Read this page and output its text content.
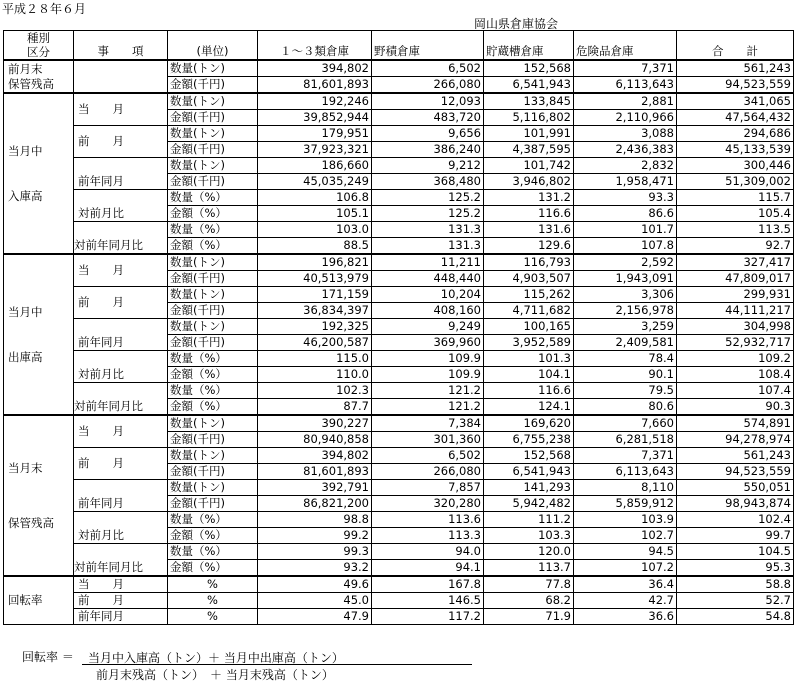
平成２８年６月
岡山県倉庫協会
種別
区分	事　　項	(単位)	１～３類倉庫	野積倉庫	貯蔵槽倉庫	危険品倉庫	合　　計

前月末
保管残高		数量(トン)	394,802	6,502	152,568	7,371	561,243
		金額(千円)	81,601,893	266,080	6,541,943	6,113,643	94,523,559

当月中
入庫高	当　　月	数量(トン)	192,246	12,093	133,845	2,881	341,065
		金額(千円)	39,852,944	483,720	5,116,802	2,110,966	47,564,432
	前　　月	数量(トン)	179,951	9,656	101,991	3,088	294,686
		金額(千円)	37,923,321	386,240	4,387,595	2,436,383	45,133,539
	前年同月	数量(トン)	186,660	9,212	101,742	2,832	300,446
		金額(千円)	45,035,249	368,480	3,946,802	1,958,471	51,309,002
	対前月比	数量（%）	106.8	125.2	131.2	93.3	115.7
		金額（%）	105.1	125.2	116.6	86.6	105.4
	対前年同月比	数量（%）	103.0	131.3	131.6	101.7	113.5
		金額（%）	88.5	131.3	129.6	107.8	92.7

当月中
出庫高	当　　月	数量(トン)	196,821	11,211	116,793	2,592	327,417
		金額(千円)	40,513,979	448,440	4,903,507	1,943,091	47,809,017
	前　　月	数量(トン)	171,159	10,204	115,262	3,306	299,931
		金額(千円)	36,834,397	408,160	4,711,682	2,156,978	44,111,217
	前年同月	数量(トン)	192,325	9,249	100,165	3,259	304,998
		金額(千円)	46,200,587	369,960	3,952,589	2,409,581	52,932,717
	対前月比	数量（%）	115.0	109.9	101.3	78.4	109.2
		金額（%）	110.0	109.9	104.1	90.1	108.4
	対前年同月比	数量（%）	102.3	121.2	116.6	79.5	107.4
		金額（%）	87.7	121.2	124.1	80.6	90.3

当月末
保管残高	当　　月	数量(トン)	390,227	7,384	169,620	7,660	574,891
		金額(千円)	80,940,858	301,360	6,755,238	6,281,518	94,278,974
	前　　月	数量(トン)	394,802	6,502	152,568	7,371	561,243
		金額(千円)	81,601,893	266,080	6,541,943	6,113,643	94,523,559
	前年同月	数量(トン)	392,791	7,857	141,293	8,110	550,051
		金額(千円)	86,821,200	320,280	5,942,482	5,859,912	98,943,874
	対前月比	数量（%）	98.8	113.6	111.2	103.9	102.4
		金額（%）	99.2	113.3	103.3	102.7	99.7
	対前年同月比	数量（%）	99.3	94.0	120.0	94.5	104.5
		金額（%）	93.2	94.1	113.7	107.2	95.3
回転率	当　　月	%	49.6	167.8	77.8	36.4	58.8
	前　　月	%	45.0	146.5	68.2	42.7	52.7
	前年同月	%	47.9	117.2	71.9	36.6	54.8
回転率 ＝ 当月中入庫高（トン）＋ 当月中出庫高（トン）
前月末残高（トン）　＋ 当月末残高（トン）
